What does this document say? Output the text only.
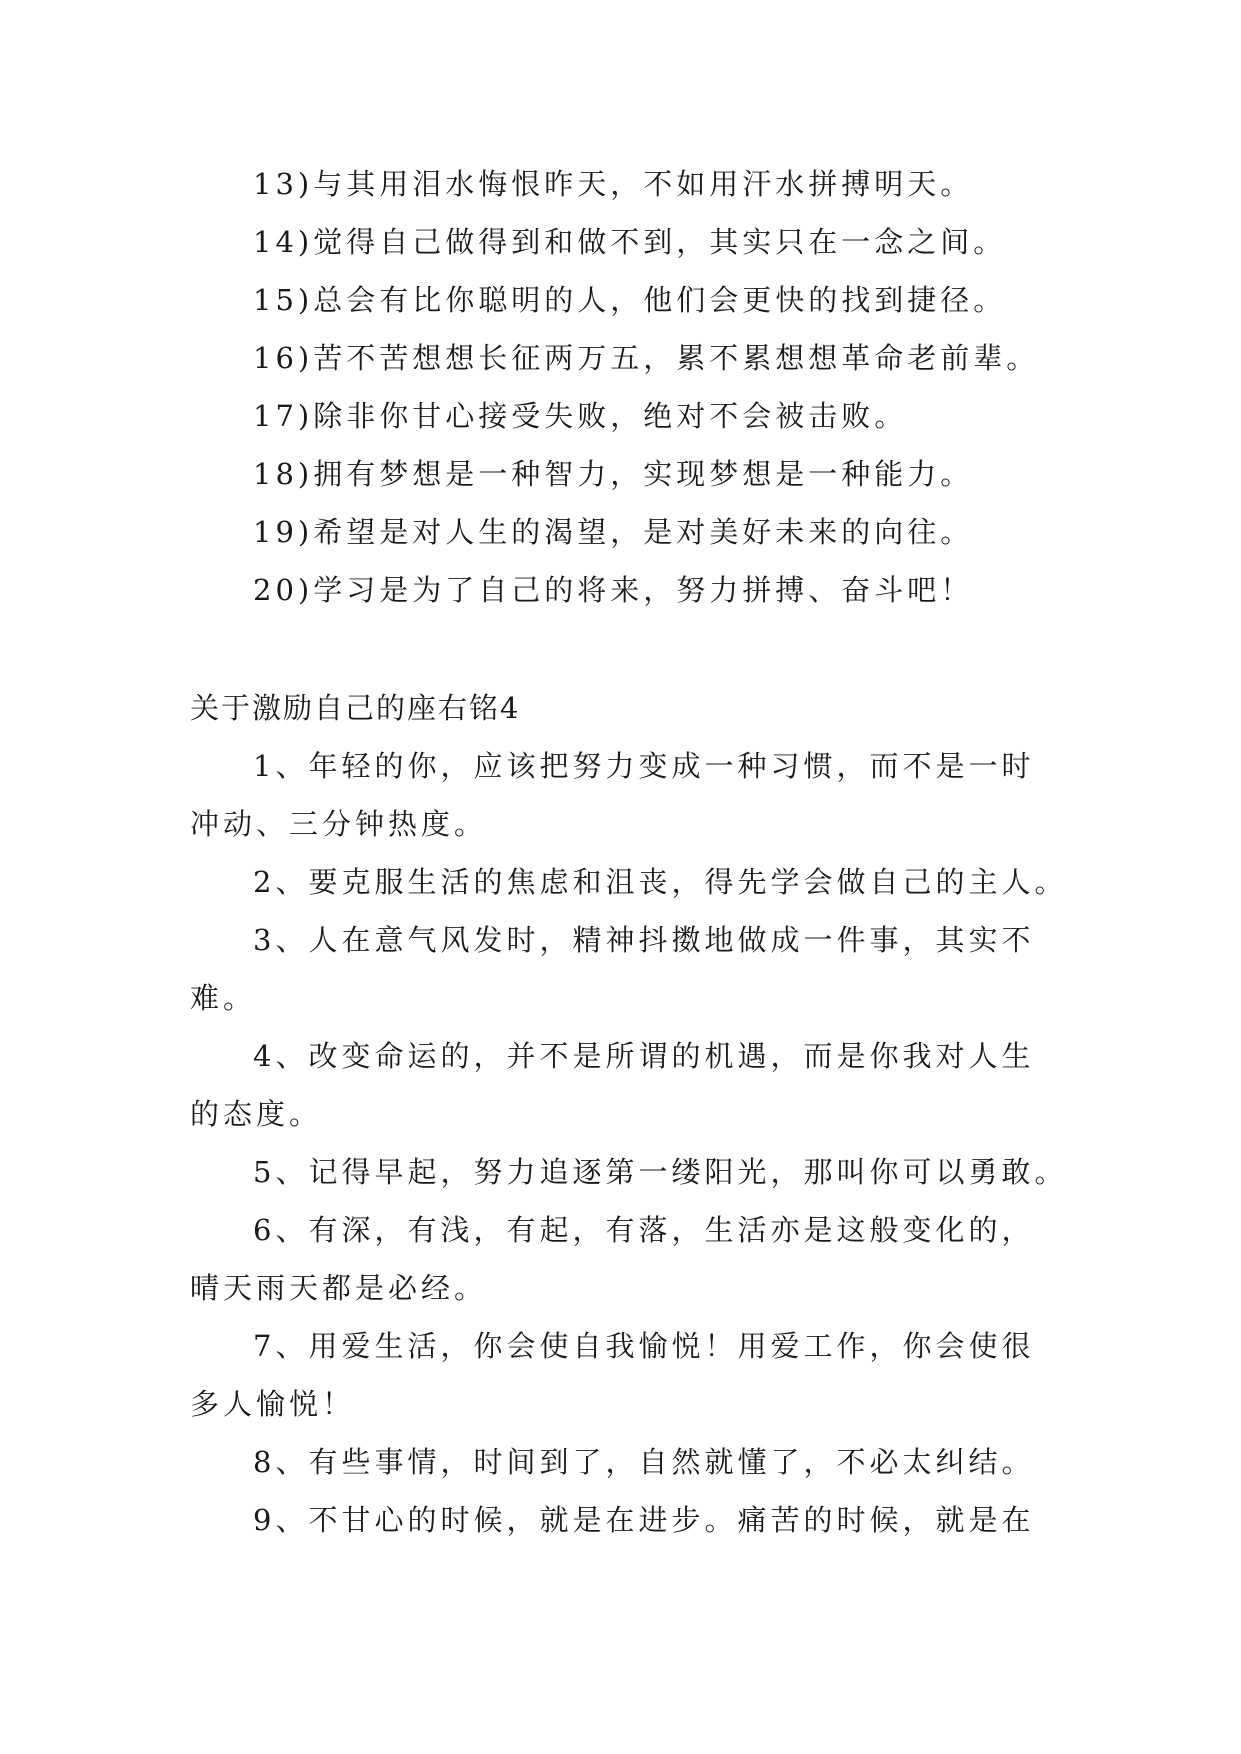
13)与其用泪水悔恨昨天，不如用汗水拼搏明天。
14)觉得自己做得到和做不到，其实只在一念之间。
15)总会有比你聪明的人，他们会更快的找到捷径。
16)苦不苦想想长征两万五，累不累想想革命老前辈。
17)除非你甘心接受失败，绝对不会被击败。
18)拥有梦想是一种智力，实现梦想是一种能力。
19)希望是对人生的渴望，是对美好未来的向往。
20)学习是为了自己的将来，努力拼搏、奋斗吧！
关于激励自己的座右铭4
1、年轻的你，应该把努力变成一种习惯，而不是一时
冲动、三分钟热度。
2、要克服生活的焦虑和沮丧，得先学会做自己的主人。
3、人在意气风发时，精神抖擞地做成一件事，其实不
难。
4、改变命运的，并不是所谓的机遇，而是你我对人生
的态度。
5、记得早起，努力追逐第一缕阳光，那叫你可以勇敢。
6、有深，有浅，有起，有落，生活亦是这般变化的，
晴天雨天都是必经。
7、用爱生活，你会使自我愉悦！用爱工作，你会使很
多人愉悦！
8、有些事情，时间到了，自然就懂了，不必太纠结。
9、不甘心的时候，就是在进步。痛苦的时候，就是在
